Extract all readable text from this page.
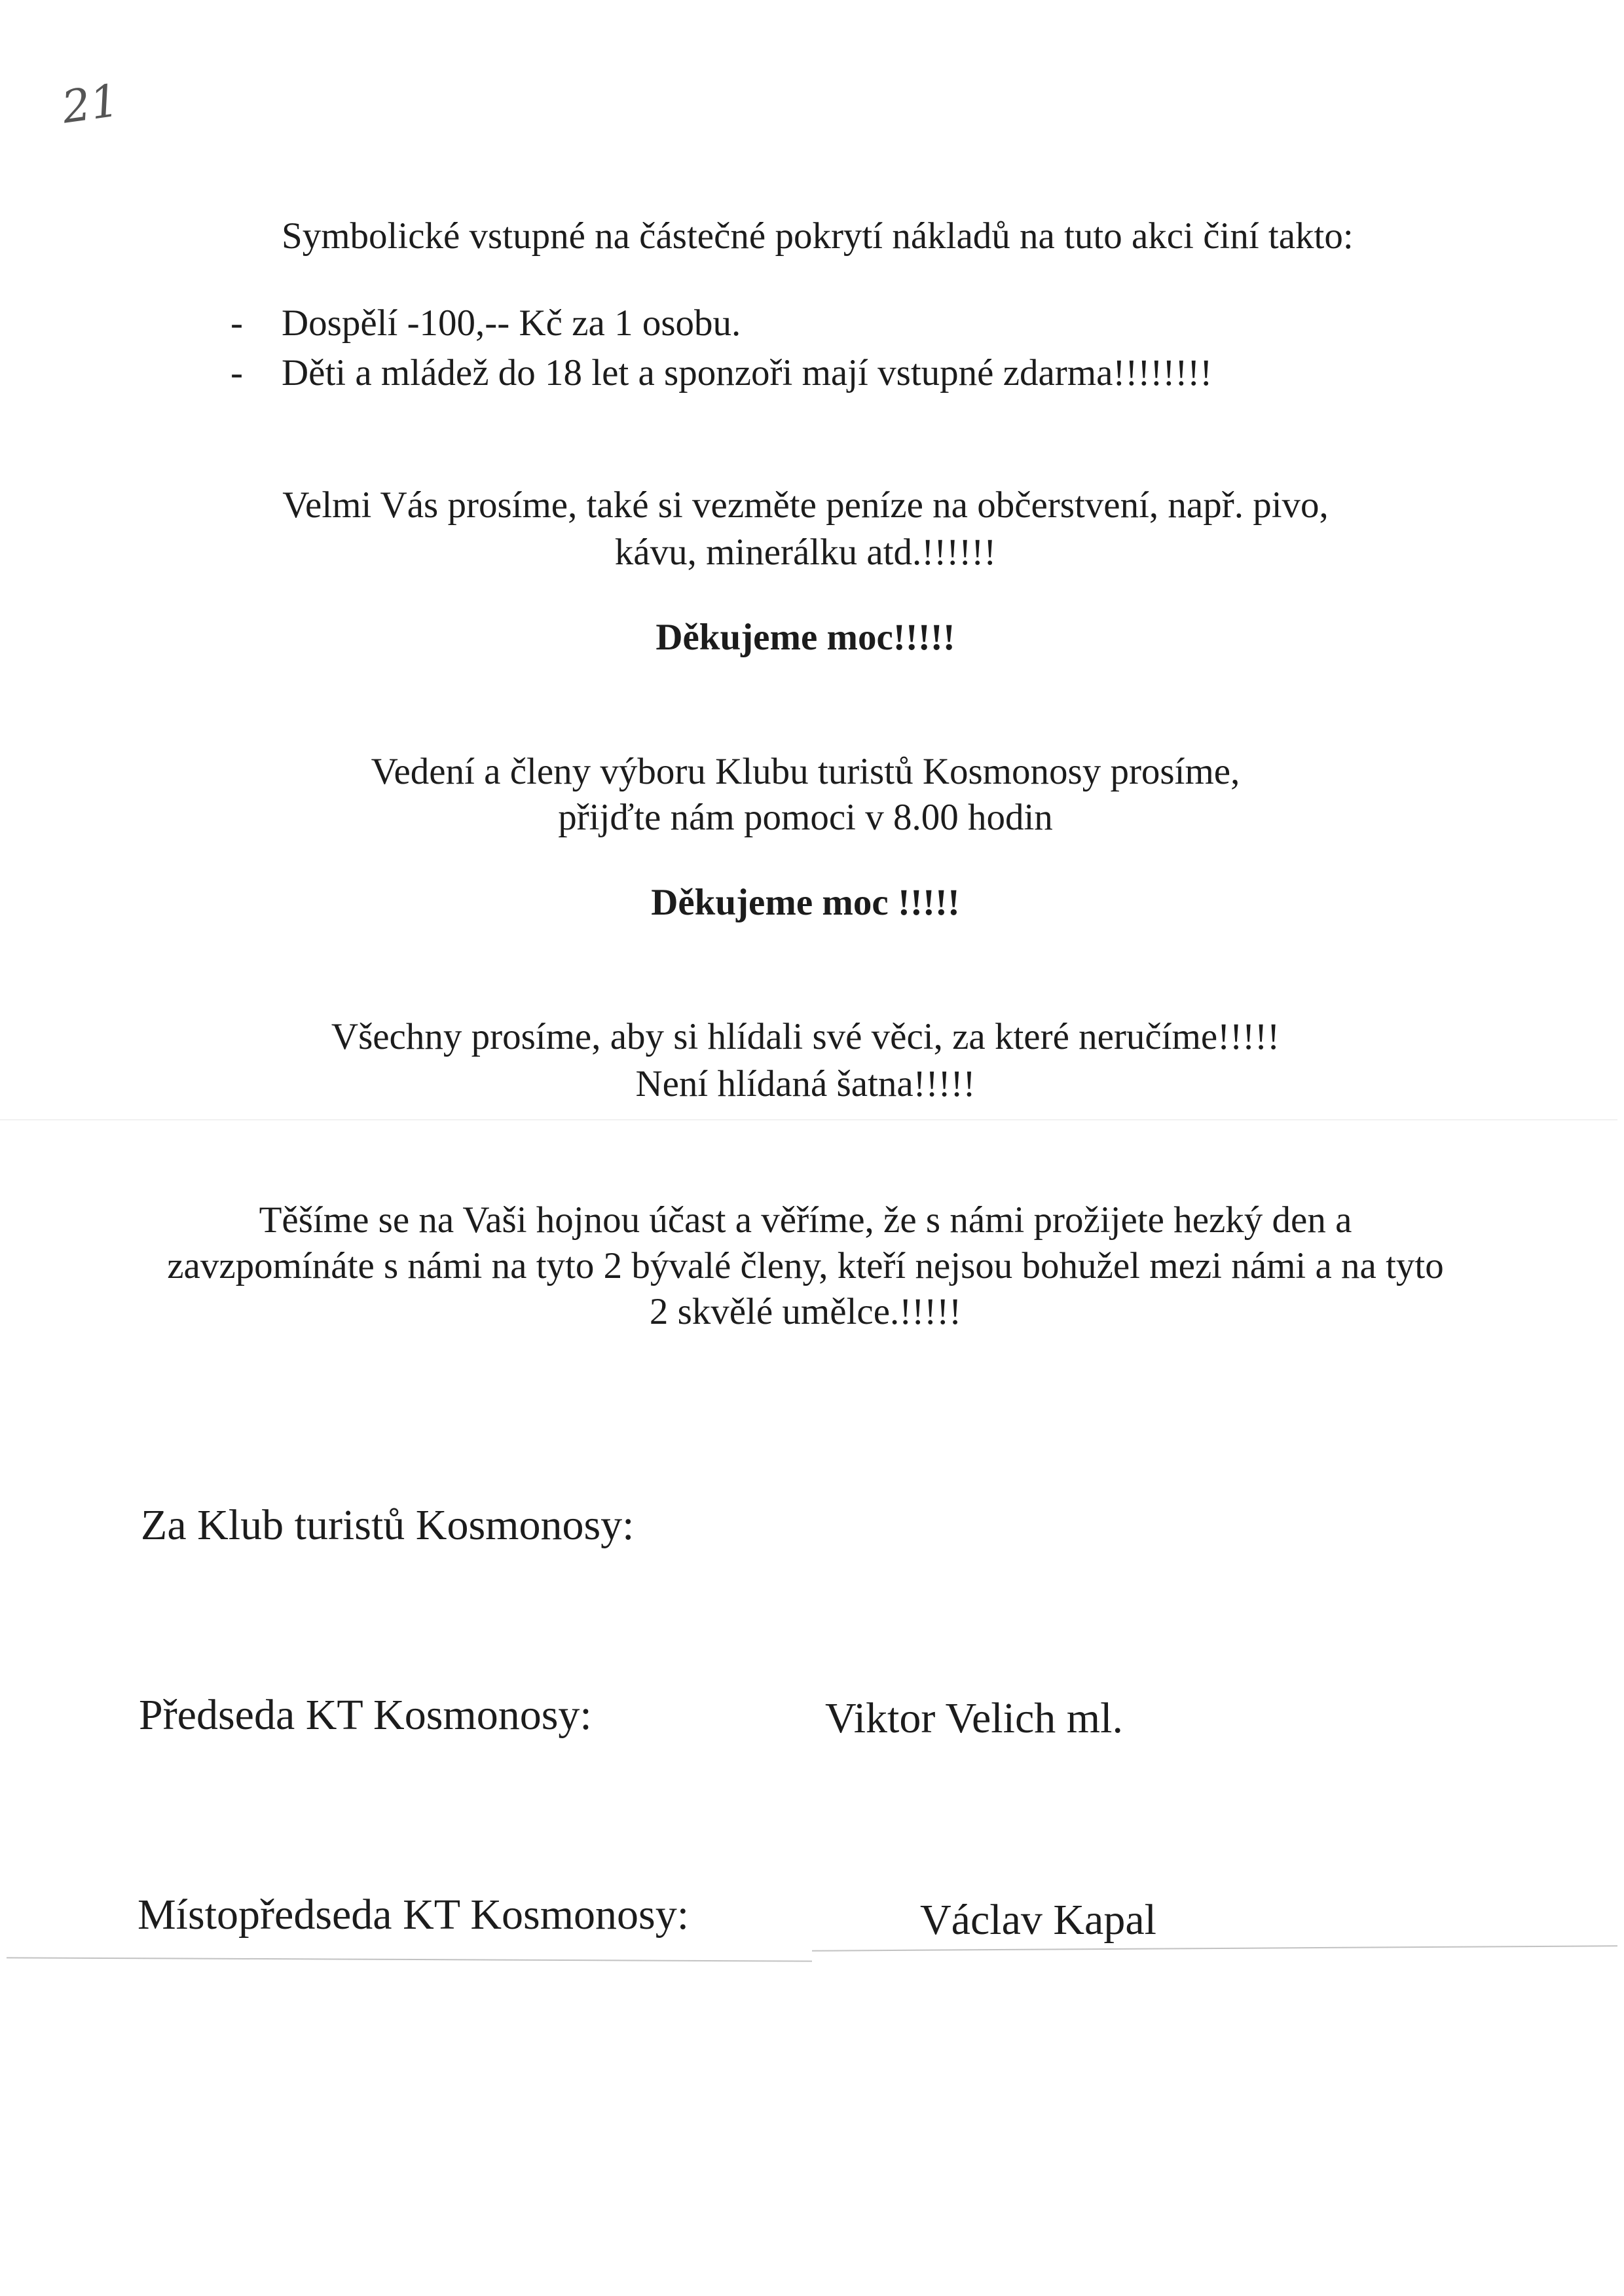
21
Symbolické vstupné na částečné pokrytí nákladů na tuto akci činí takto:
- Dospělí -100,-- Kč za 1 osobu.
- Děti a mládež do 18 let a sponzoři mají vstupné zdarma!!!!!!!!
Velmi Vás prosíme, také si vezměte peníze na občerstvení, např. pivo,
kávu, minerálku atd.!!!!!!
Děkujeme moc!!!!!
Vedení a členy výboru Klubu turistů Kosmonosy prosíme,
přijďte nám pomoci v 8.00 hodin
Děkujeme moc !!!!!
Všechny prosíme, aby si hlídali své věci, za které neručíme!!!!!
Není hlídaná šatna!!!!!
Těšíme se na Vaši hojnou účast a věříme, že s námi prožijete hezký den a
zavzpomínáte s námi na tyto 2 bývalé členy, kteří nejsou bohužel mezi námi a na tyto
2 skvělé umělce.!!!!!
Za Klub turistů Kosmonosy:
Předseda KT Kosmonosy:	Viktor Velich ml.
Místopředseda KT Kosmonosy:	Václav Kapal
